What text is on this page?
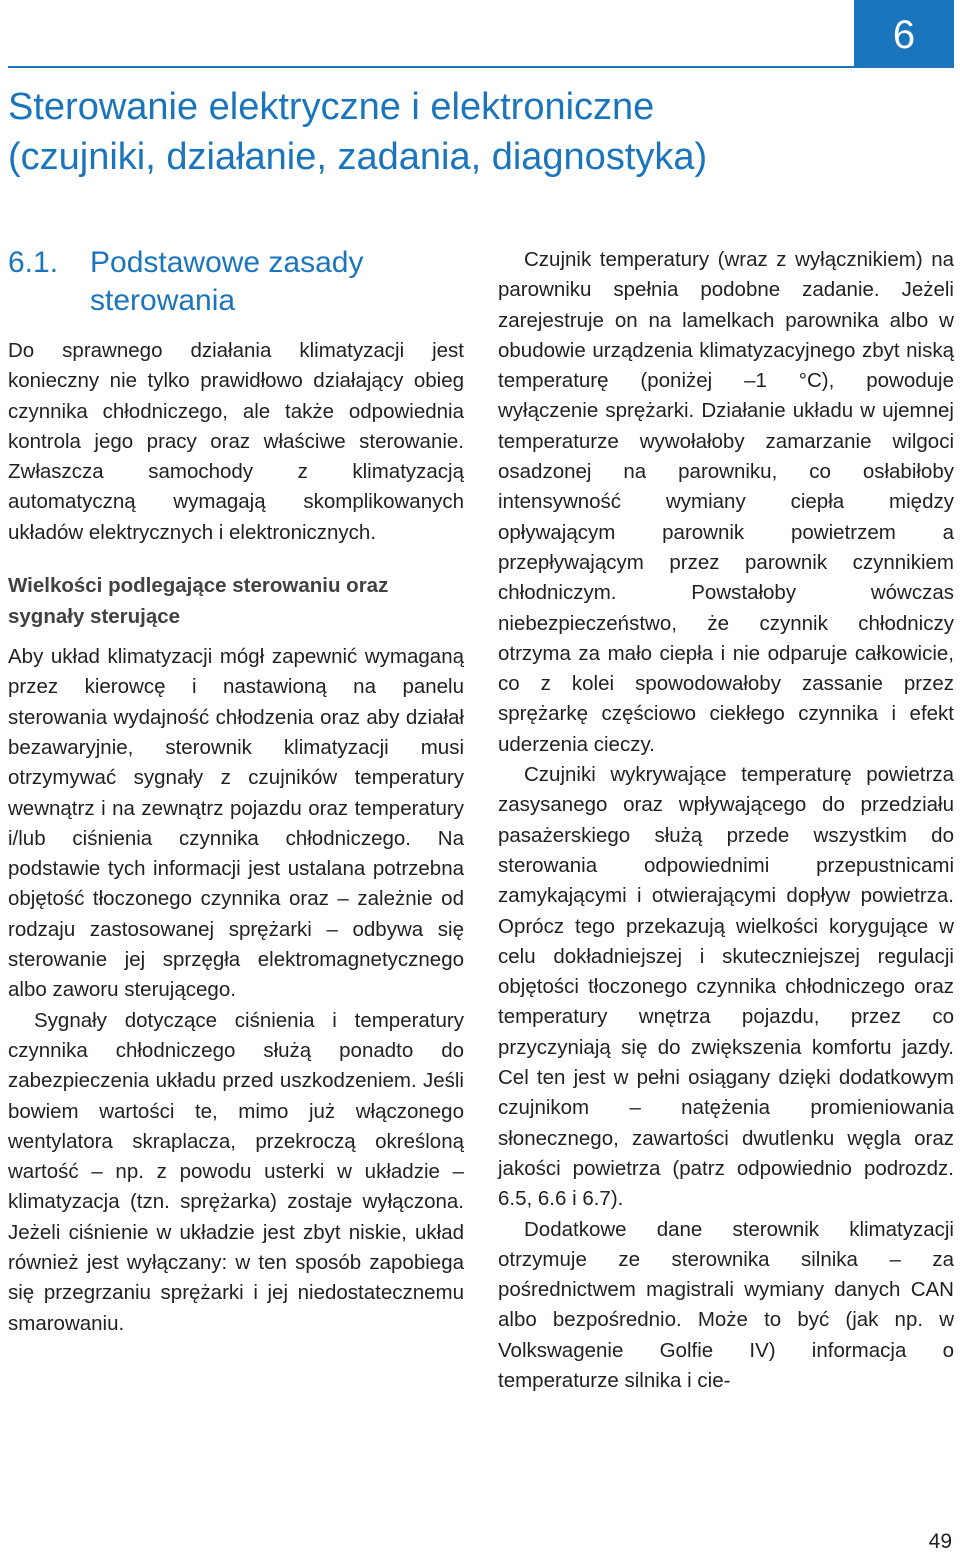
6
Sterowanie elektryczne i elektroniczne
(czujniki, działanie, zadania, diagnostyka)
6.1. Podstawowe zasady sterowania

Do sprawnego działania klimatyzacji jest konieczny nie tylko prawidłowo działający obieg czynnika chłodniczego, ale także odpowiednia kontrola jego pracy oraz właściwe sterowanie. Zwłaszcza samochody z klimatyzacją automatyczną wymagają skomplikowanych układów elektrycznych i elektronicznych.

Wielkości podlegające sterowaniu oraz sygnały sterujące

Aby układ klimatyzacji mógł zapewnić wymaganą przez kierowcę i nastawioną na panelu sterowania wydajność chłodzenia oraz aby działał bezawaryjnie, sterownik klimatyzacji musi otrzymywać sygnały z czujników temperatury wewnątrz i na zewnątrz pojazdu oraz temperatury i/lub ciśnienia czynnika chłodniczego. Na podstawie tych informacji jest ustalana potrzebna objętość tłoczonego czynnika oraz – zależnie od rodzaju zastosowanej sprężarki – odbywa się sterowanie jej sprzęgła elektromagnetycznego albo zaworu sterującego.

Sygnały dotyczące ciśnienia i temperatury czynnika chłodniczego służą ponadto do zabezpieczenia układu przed uszkodzeniem. Jeśli bowiem wartości te, mimo już włączonego wentylatora skraplacza, przekroczą określoną wartość – np. z powodu usterki w układzie – klimatyzacja (tzn. sprężarka) zostaje wyłączona. Jeżeli ciśnienie w układzie jest zbyt niskie, układ również jest wyłączany: w ten sposób zapobiega się przegrzaniu sprężarki i jej niedostatecznemu smarowaniu.

Czujnik temperatury (wraz z wyłącznikiem) na parowniku spełnia podobne zadanie. Jeżeli zarejestruje on na lamelkach parownika albo w obudowie urządzenia klimatyzacyjnego zbyt niską temperaturę (poniżej –1 °C), powoduje wyłączenie sprężarki. Działanie układu w ujemnej temperaturze wywołałoby zamarzanie wilgoci osadzonej na parowniku, co osłabiłoby intensywność wymiany ciepła między opływającym parownik powietrzem a przepływającym przez parownik czynnikiem chłodniczym. Powstałoby wówczas niebezpieczeństwo, że czynnik chłodniczy otrzyma za mało ciepła i nie odparuje całkowicie, co z kolei spowodowałoby zassanie przez sprężarkę częściowo ciekłego czynnika i efekt uderzenia cieczy.

Czujniki wykrywające temperaturę powietrza zasysanego oraz wpływającego do przedziału pasażerskiego służą przede wszystkim do sterowania odpowiednimi przepustnicami zamykającymi i otwierającymi dopływ powietrza. Oprócz tego przekazują wielkości korygujące w celu dokładniejszej i skuteczniejszej regulacji objętości tłoczonego czynnika chłodniczego oraz temperatury wnętrza pojazdu, przez co przyczyniają się do zwiększenia komfortu jazdy. Cel ten jest w pełni osiągany dzięki dodatkowym czujnikom – natężenia promieniowania słonecznego, zawartości dwutlenku węgla oraz jakości powietrza (patrz odpowiednio podrozdz. 6.5, 6.6 i 6.7).

Dodatkowe dane sterownik klimatyzacji otrzymuje ze sterownika silnika – za pośrednictwem magistrali wymiany danych CAN albo bezpośrednio. Może to być (jak np. w Volkswagenie Golfie IV) informacja o temperaturze silnika i cie-

49
